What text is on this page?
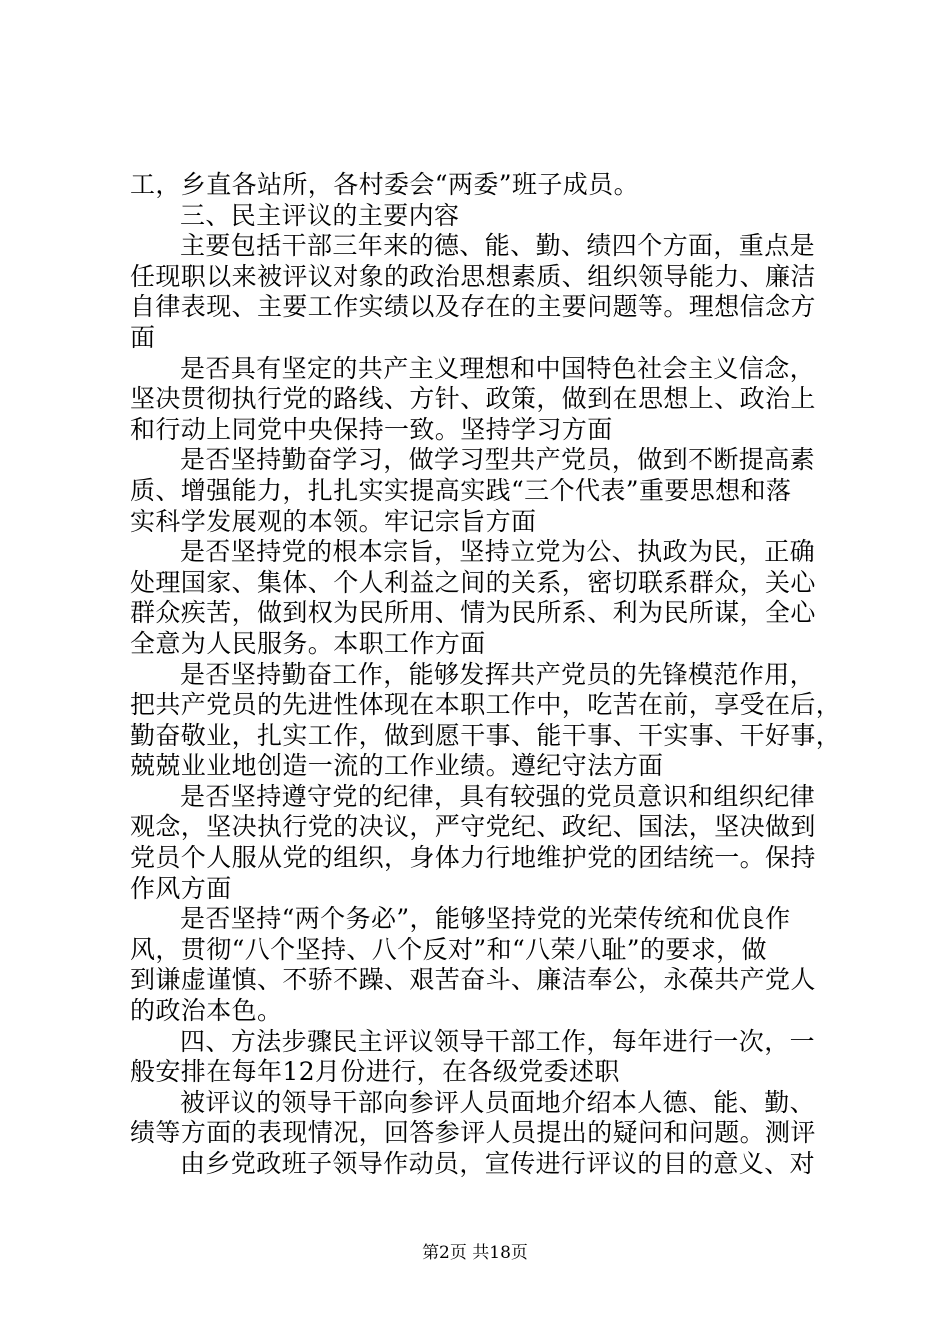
工，乡直各站所，各村委会“两委”班子成员。
三、民主评议的主要内容
主要包括干部三年来的德、能、勤、绩四个方面，重点是
任现职以来被评议对象的政治思想素质、组织领导能力、廉洁
自律表现、主要工作实绩以及存在的主要问题等。理想信念方
面
是否具有坚定的共产主义理想和中国特色社会主义信念，
坚决贯彻执行党的路线、方针、政策，做到在思想上、政治上
和行动上同党中央保持一致。坚持学习方面
是否坚持勤奋学习，做学习型共产党员，做到不断提高素
质、增强能力，扎扎实实提高实践“三个代表”重要思想和落
实科学发展观的本领。牢记宗旨方面
是否坚持党的根本宗旨，坚持立党为公、执政为民，正确
处理国家、集体、个人利益之间的关系，密切联系群众，关心
群众疾苦，做到权为民所用、情为民所系、利为民所谋，全心
全意为人民服务。本职工作方面
是否坚持勤奋工作，能够发挥共产党员的先锋模范作用，
把共产党员的先进性体现在本职工作中，吃苦在前，享受在后，
勤奋敬业，扎实工作，做到愿干事、能干事、干实事、干好事，
兢兢业业地创造一流的工作业绩。遵纪守法方面
是否坚持遵守党的纪律，具有较强的党员意识和组织纪律
观念，坚决执行党的决议，严守党纪、政纪、国法，坚决做到
党员个人服从党的组织，身体力行地维护党的团结统一。保持
作风方面
是否坚持“两个务必”，能够坚持党的光荣传统和优良作
风，贯彻“八个坚持、八个反对”和“八荣八耻”的要求，做
到谦虚谨慎、不骄不躁、艰苦奋斗、廉洁奉公，永葆共产党人
的政治本色。
四、方法步骤民主评议领导干部工作，每年进行一次，一
般安排在每年12月份进行，在各级党委述职
被评议的领导干部向参评人员面地介绍本人德、能、勤、
绩等方面的表现情况，回答参评人员提出的疑问和问题。测评
由乡党政班子领导作动员，宣传进行评议的目的意义、对
第2页 共18页
